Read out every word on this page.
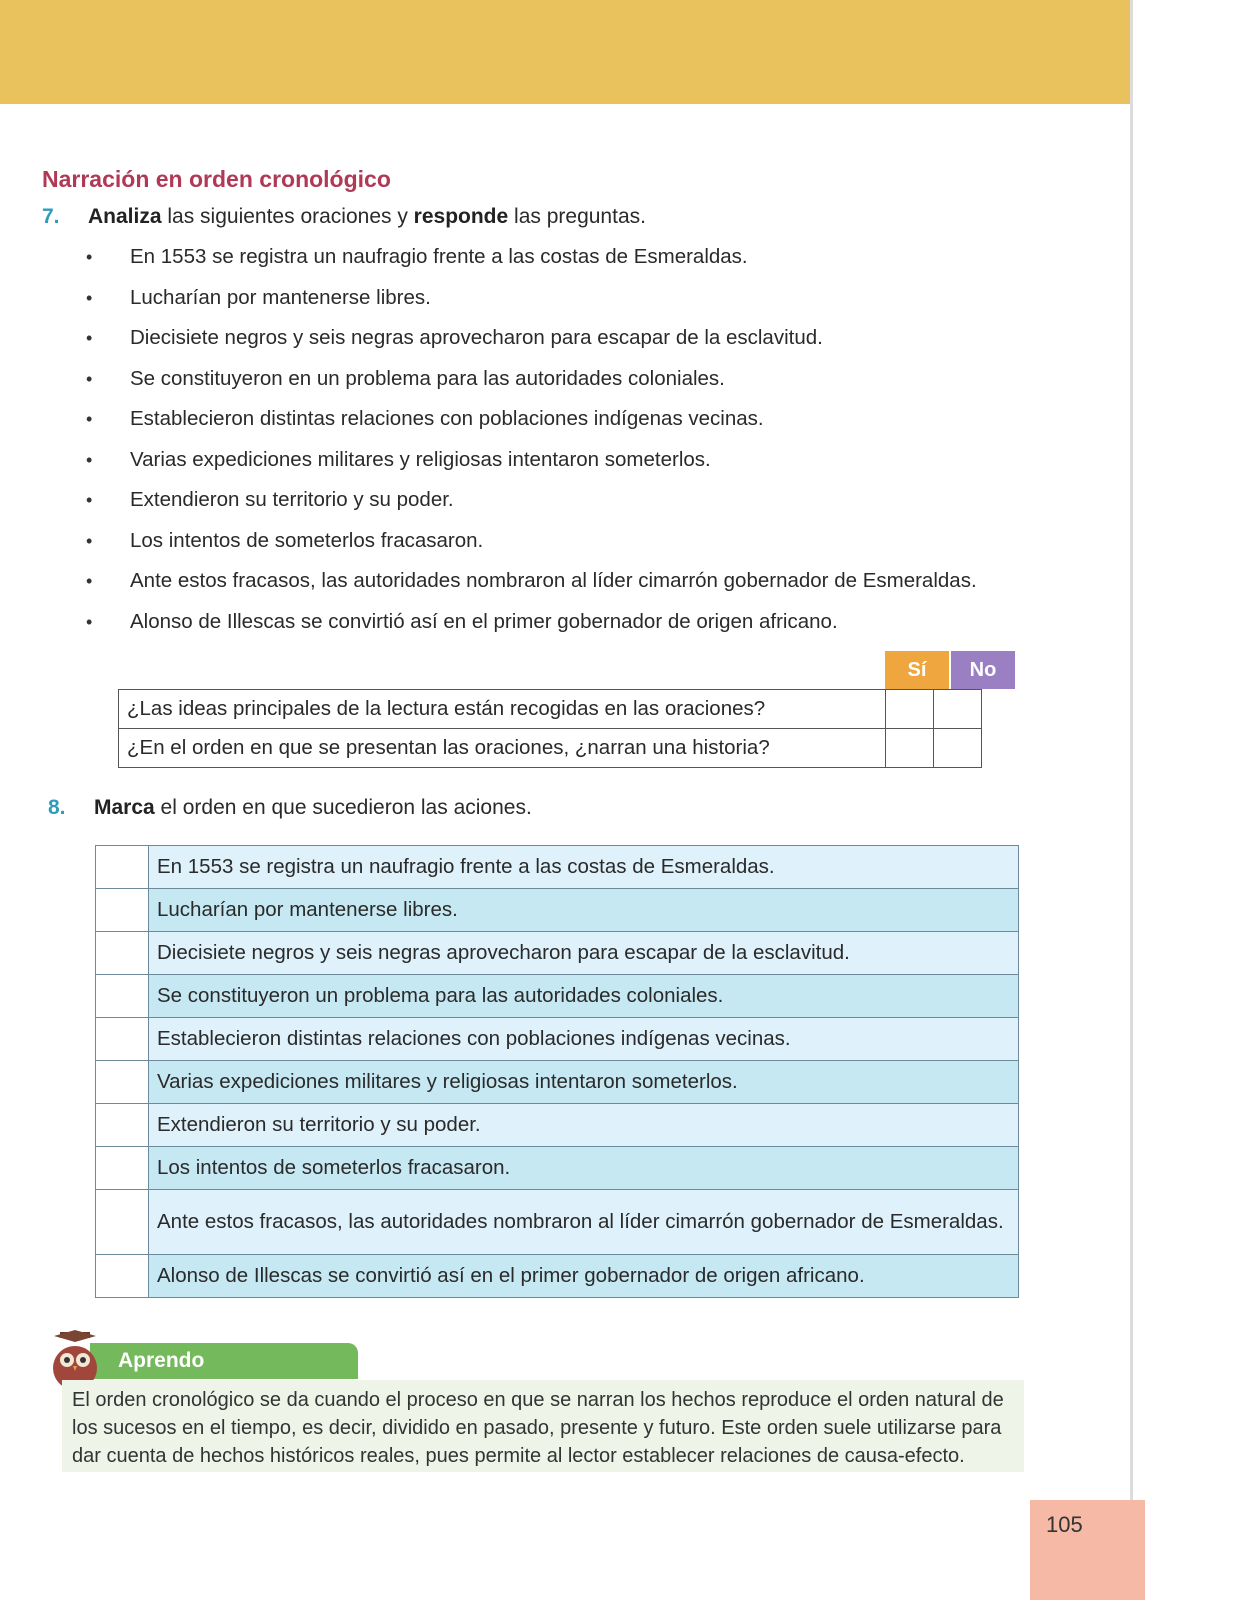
Narración en orden cronológico
7. Analiza las siguientes oraciones y responde las preguntas.
• En 1553 se registra un naufragio frente a las costas de Esmeraldas.
• Lucharían por mantenerse libres.
• Diecisiete negros y seis negras aprovecharon para escapar de la esclavitud.
• Se constituyeron en un problema para las autoridades coloniales.
• Establecieron distintas relaciones con poblaciones indígenas vecinas.
• Varias expediciones militares y religiosas intentaron someterlos.
• Extendieron su territorio y su poder.
• Los intentos de someterlos fracasaron.
• Ante estos fracasos, las autoridades nombraron al líder cimarrón gobernador de Esmeraldas.
• Alonso de Illescas se convirtió así en el primer gobernador de origen africano.
Sí	No
¿Las ideas principales de la lectura están recogidas en las oraciones?		
¿En el orden en que se presentan las oraciones, ¿narran una historia?		
8. Marca el orden en que sucedieron las aciones.
	En 1553 se registra un naufragio frente a las costas de Esmeraldas.
	Lucharían por mantenerse libres.
	Diecisiete negros y seis negras aprovecharon para escapar de la esclavitud.
	Se constituyeron un problema para las autoridades coloniales.
	Establecieron distintas relaciones con poblaciones indígenas vecinas.
	Varias expediciones militares y religiosas intentaron someterlos.
	Extendieron su territorio y su poder.
	Los intentos de someterlos fracasaron.
	Ante estos fracasos, las autoridades nombraron al líder cimarrón gobernador de Esmeraldas.
	Alonso de Illescas se convirtió así en el primer gobernador de origen africano.
Aprendo
El orden cronológico se da cuando el proceso en que se narran los hechos reproduce el orden natural de los sucesos en el tiempo, es decir, dividido en pasado, presente y futuro. Este orden suele utilizarse para dar cuenta de hechos históricos reales, pues permite al lector establecer relaciones de causa-efecto.
105
